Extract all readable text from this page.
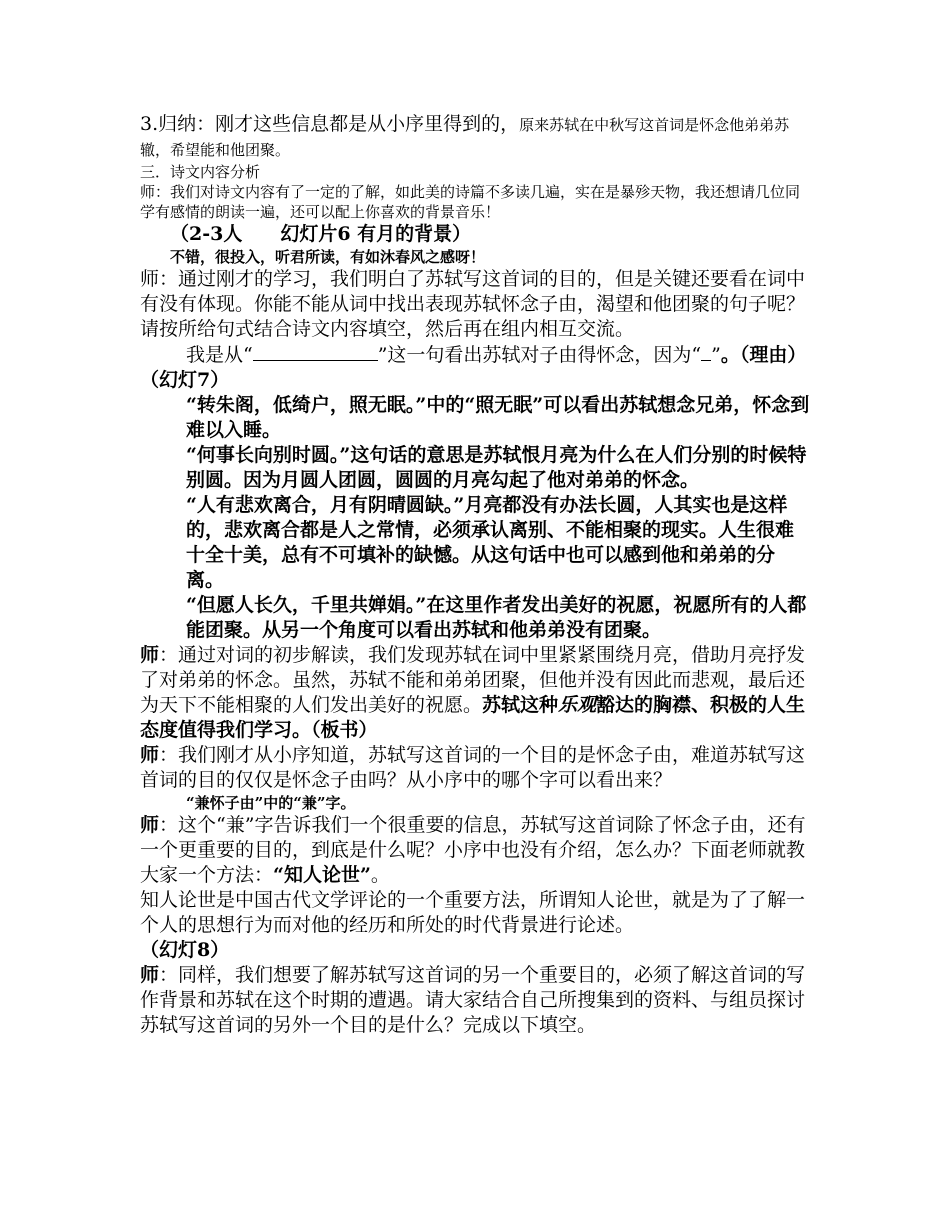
3.归纳：刚才这些信息都是从小序里得到的，原来苏轼在中秋写这首词是怀念他弟弟苏辙，希望能和他团聚。

三．诗文内容分析

师：我们对诗文内容有了一定的了解，如此美的诗篇不多读几遍，实在是暴殄天物，我还想请几位同学有感情的朗读一遍，还可以配上你喜欢的背景音乐！

（2-3人　　幻灯片6 有月的背景）

不错，很投入，听君所读，有如沐春风之感呀！

师：通过刚才的学习，我们明白了苏轼写这首词的目的，但是关键还要看在词中有没有体现。你能不能从词中找出表现苏轼怀念子由，渴望和他团聚的句子呢？请按所给句式结合诗文内容填空，然后再在组内相互交流。

我是从“	”这一句看出苏轼对子由得怀念，因为“ ”。（理由）（幻灯7）

“转朱阁，低绮户，照无眠。”中的“照无眠”可以看出苏轼想念兄弟，怀念到难以入睡。

“何事长向别时圆。”这句话的意思是苏轼恨月亮为什么在人们分别的时候特别圆。因为月圆人团圆，圆圆的月亮勾起了他对弟弟的怀念。

“人有悲欢离合，月有阴晴圆缺。”月亮都没有办法长圆，人其实也是这样的，悲欢离合都是人之常情，必须承认离别、不能相聚的现实。人生很难十全十美，总有不可填补的缺憾。从这句话中也可以感到他和弟弟的分离。

“但愿人长久，千里共婵娟。”在这里作者发出美好的祝愿，祝愿所有的人都能团聚。从另一个角度可以看出苏轼和他弟弟没有团聚。

师：通过对词的初步解读，我们发现苏轼在词中里紧紧围绕月亮，借助月亮抒发了对弟弟的怀念。虽然，苏轼不能和弟弟团聚，但他并没有因此而悲观，最后还为天下不能相聚的人们发出美好的祝愿。苏轼这种乐观豁达的胸襟、积极的人生态度值得我们学习。（板书）

师：我们刚才从小序知道，苏轼写这首词的一个目的是怀念子由，难道苏轼写这首词的目的仅仅是怀念子由吗？从小序中的哪个字可以看出来？

“兼怀子由”中的“兼”字。

师：这个“兼”字告诉我们一个很重要的信息，苏轼写这首词除了怀念子由，还有一个更重要的目的，到底是什么呢？小序中也没有介绍，怎么办？下面老师就教大家一个方法：“知人论世”。

知人论世是中国古代文学评论的一个重要方法，所谓知人论世，就是为了了解一个人的思想行为而对他的经历和所处的时代背景进行论述。

（幻灯8）

师：同样，我们想要了解苏轼写这首词的另一个重要目的，必须了解这首词的写作背景和苏轼在这个时期的遭遇。请大家结合自己所搜集到的资料、与组员探讨苏轼写这首词的另外一个目的是什么？完成以下填空。
